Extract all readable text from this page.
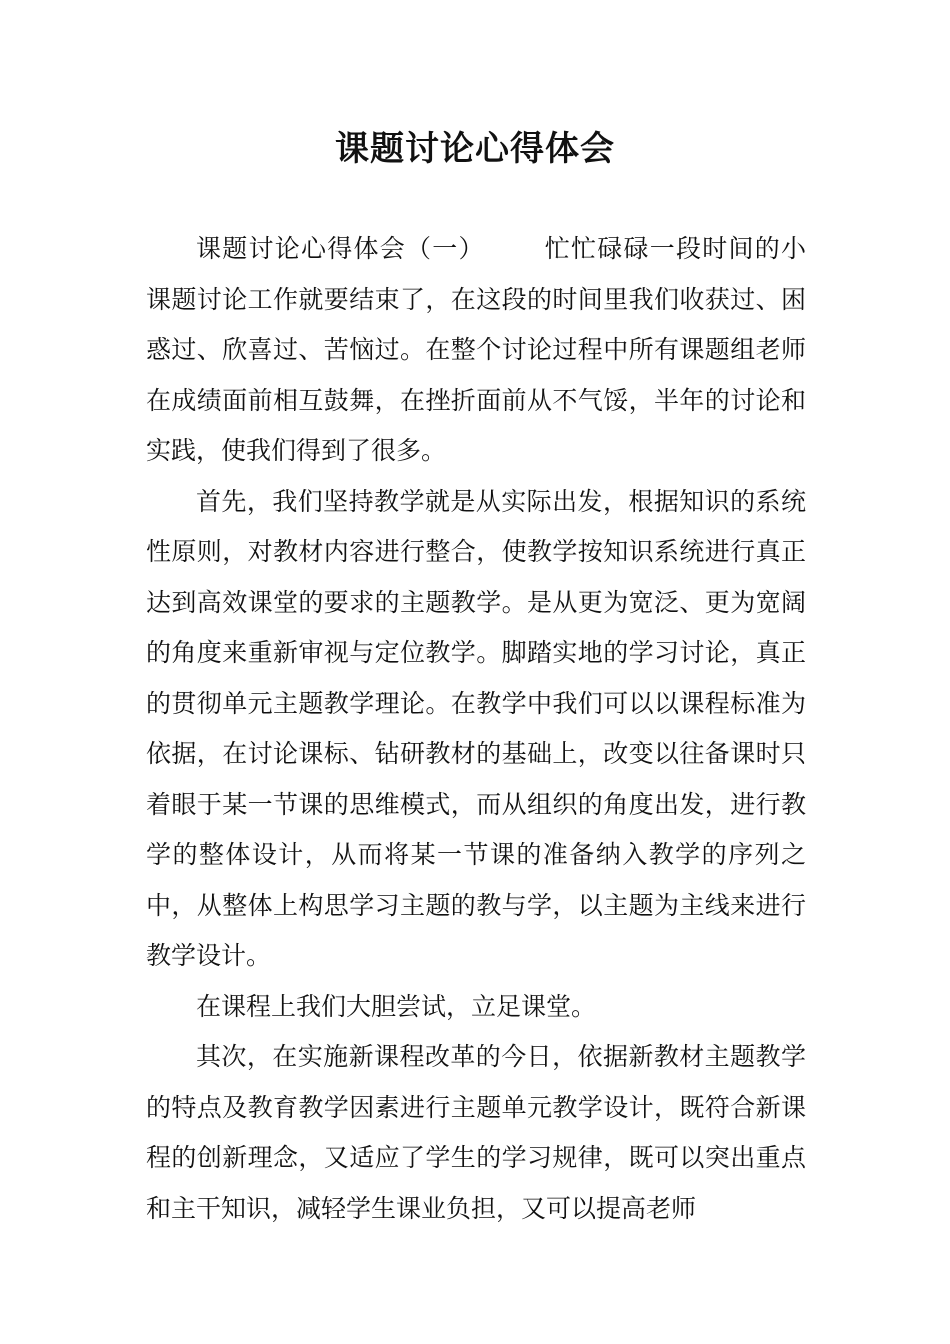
课题讨论心得体会

课题讨论心得体会（一） 忙忙碌碌一段时间的小课题讨论工作就要结束了，在这段的时间里我们收获过、困惑过、欣喜过、苦恼过。在整个讨论过程中所有课题组老师在成绩面前相互鼓舞，在挫折面前从不气馁，半年的讨论和实践，使我们得到了很多。

首先，我们坚持教学就是从实际出发，根据知识的系统性原则，对教材内容进行整合，使教学按知识系统进行真正达到高效课堂的要求的主题教学。是从更为宽泛、更为宽阔的角度来重新审视与定位教学。脚踏实地的学习讨论，真正的贯彻单元主题教学理论。在教学中我们可以以课程标准为依据，在讨论课标、钻研教材的基础上，改变以往备课时只着眼于某一节课的思维模式，而从组织的角度出发，进行教学的整体设计，从而将某一节课的准备纳入教学的序列之中，从整体上构思学习主题的教与学，以主题为主线来进行教学设计。

在课程上我们大胆尝试，立足课堂。

其次，在实施新课程改革的今日，依据新教材主题教学的特点及教育教学因素进行主题单元教学设计，既符合新课程的创新理念，又适应了学生的学习规律，既可以突出重点和主干知识，减轻学生课业负担，又可以提高老师
